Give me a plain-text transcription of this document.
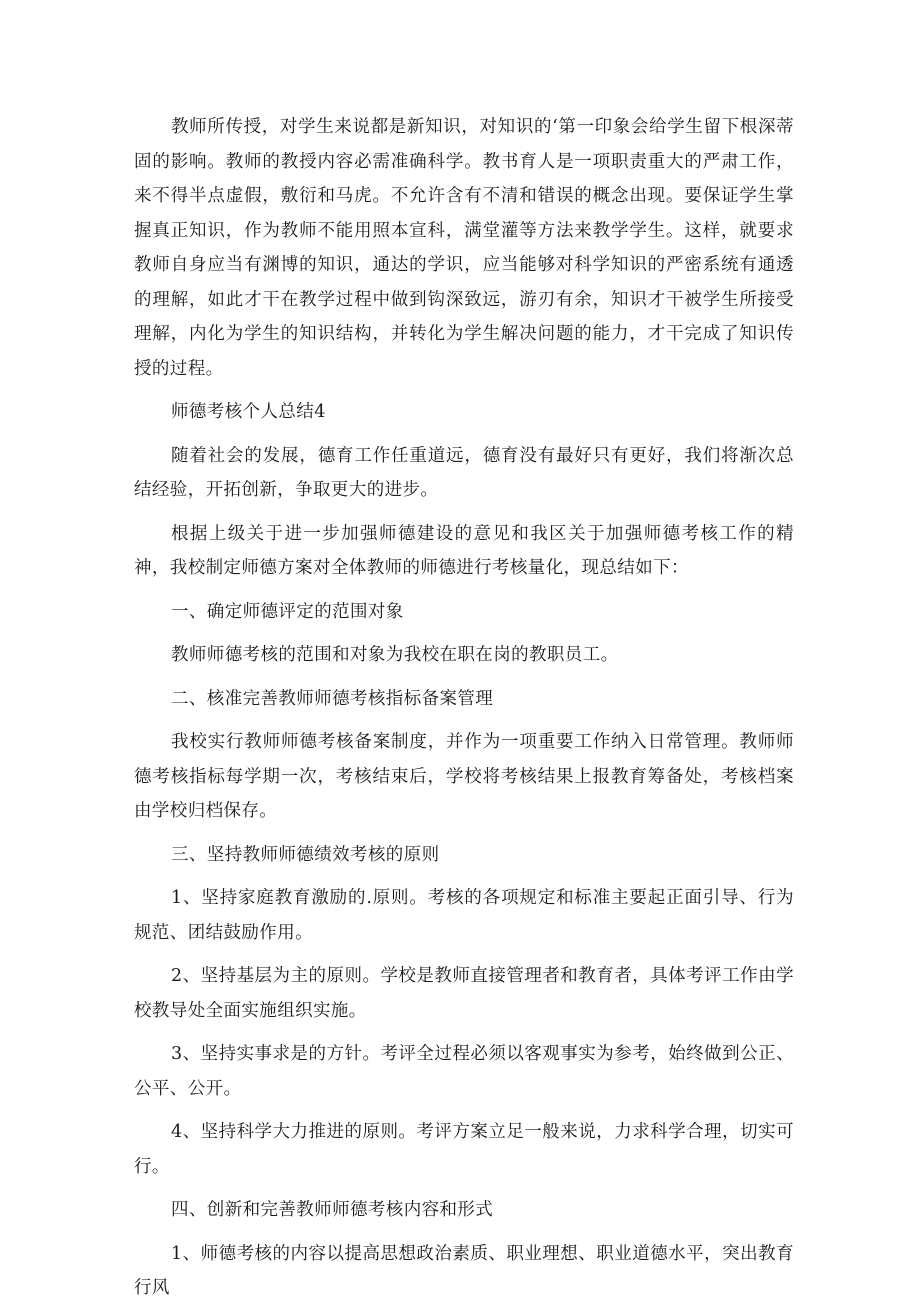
教师所传授，对学生来说都是新知识，对知识的‘第一印象会给学生留下根深蒂固的影响。教师的教授内容必需准确科学。教书育人是一项职责重大的严肃工作，来不得半点虚假，敷衍和马虎。不允许含有不清和错误的概念出现。要保证学生掌握真正知识，作为教师不能用照本宣科，满堂灌等方法来教学学生。这样，就要求教师自身应当有渊博的知识，通达的学识，应当能够对科学知识的严密系统有通透的理解，如此才干在教学过程中做到钩深致远，游刃有余，知识才干被学生所接受理解，内化为学生的知识结构，并转化为学生解决问题的能力，才干完成了知识传授的过程。

师德考核个人总结4

随着社会的发展，德育工作任重道远，德育没有最好只有更好，我们将渐次总结经验，开拓创新，争取更大的进步。

根据上级关于进一步加强师德建设的意见和我区关于加强师德考核工作的精神，我校制定师德方案对全体教师的师德进行考核量化，现总结如下：

一、确定师德评定的范围对象

教师师德考核的范围和对象为我校在职在岗的教职员工。

二、核准完善教师师德考核指标备案管理

我校实行教师师德考核备案制度，并作为一项重要工作纳入日常管理。教师师德考核指标每学期一次，考核结束后，学校将考核结果上报教育筹备处，考核档案由学校归档保存。

三、坚持教师师德绩效考核的原则

1、坚持家庭教育激励的.原则。考核的各项规定和标准主要起正面引导、行为规范、团结鼓励作用。

2、坚持基层为主的原则。学校是教师直接管理者和教育者，具体考评工作由学校教导处全面实施组织实施。

3、坚持实事求是的方针。考评全过程必须以客观事实为参考，始终做到公正、公平、公开。

4、坚持科学大力推进的原则。考评方案立足一般来说，力求科学合理，切实可行。

四、创新和完善教师师德考核内容和形式

1、师德考核的内容以提高思想政治素质、职业理想、职业道德水平，突出教育行风
